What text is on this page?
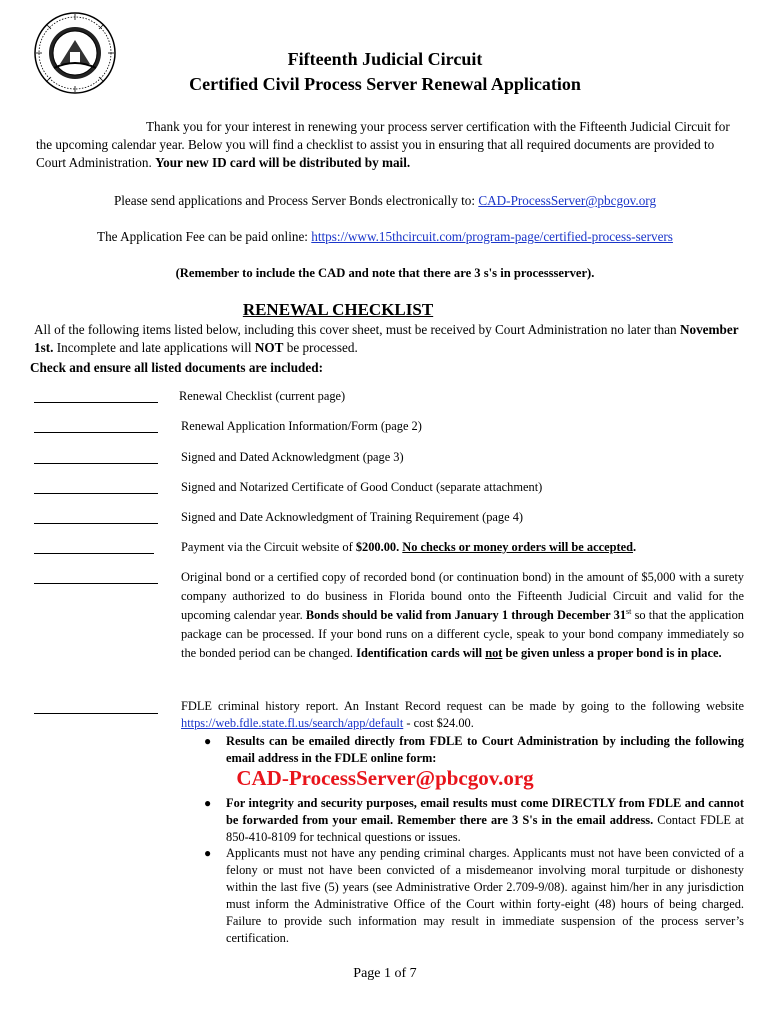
Fifteenth Judicial Circuit
Certified Civil Process Server Renewal Application
Thank you for your interest in renewing your process server certification with the Fifteenth Judicial Circuit for the upcoming calendar year. Below you will find a checklist to assist you in ensuring that all required documents are provided to Court Administration. Your new ID card will be distributed by mail.
Please send applications and Process Server Bonds electronically to: CAD-ProcessServer@pbcgov.org
The Application Fee can be paid online: https://www.15thcircuit.com/program-page/certified-process-servers
(Remember to include the CAD and note that there are 3 s's in processserver).
RENEWAL CHECKLIST
All of the following items listed below, including this cover sheet, must be received by Court Administration no later than November 1st. Incomplete and late applications will NOT be processed.
Check and ensure all listed documents are included:
Renewal Checklist (current page)
Renewal Application Information/Form (page 2)
Signed and Dated Acknowledgment (page 3)
Signed and Notarized Certificate of Good Conduct (separate attachment)
Signed and Date Acknowledgment of Training Requirement (page 4)
Payment via the Circuit website of $200.00. No checks or money orders will be accepted.
Original bond or a certified copy of recorded bond (or continuation bond) in the amount of $5,000 with a surety company authorized to do business in Florida bound onto the Fifteenth Judicial Circuit and valid for the upcoming calendar year. Bonds should be valid from January 1 through December 31st so that the application package can be processed. If your bond runs on a different cycle, speak to your bond company immediately so the bonded period can be changed. Identification cards will not be given unless a proper bond is in place.
FDLE criminal history report. An Instant Record request can be made by going to the following website https://web.fdle.state.fl.us/search/app/default - cost $24.00.
● Results can be emailed directly from FDLE to Court Administration by including the following email address in the FDLE online form:
CAD-ProcessServer@pbcgov.org
● For integrity and security purposes, email results must come DIRECTLY from FDLE and cannot be forwarded from your email. Remember there are 3 S's in the email address. Contact FDLE at 850-410-8109 for technical questions or issues.
● Applicants must not have any pending criminal charges. Applicants must not have been convicted of a felony or must not have been convicted of a misdemeanor involving moral turpitude or dishonesty within the last five (5) years (see Administrative Order 2.709-9/08). against him/her in any jurisdiction must inform the Administrative Office of the Court within forty-eight (48) hours of being charged. Failure to provide such information may result in immediate suspension of the process server’s certification.
Page 1 of 7
